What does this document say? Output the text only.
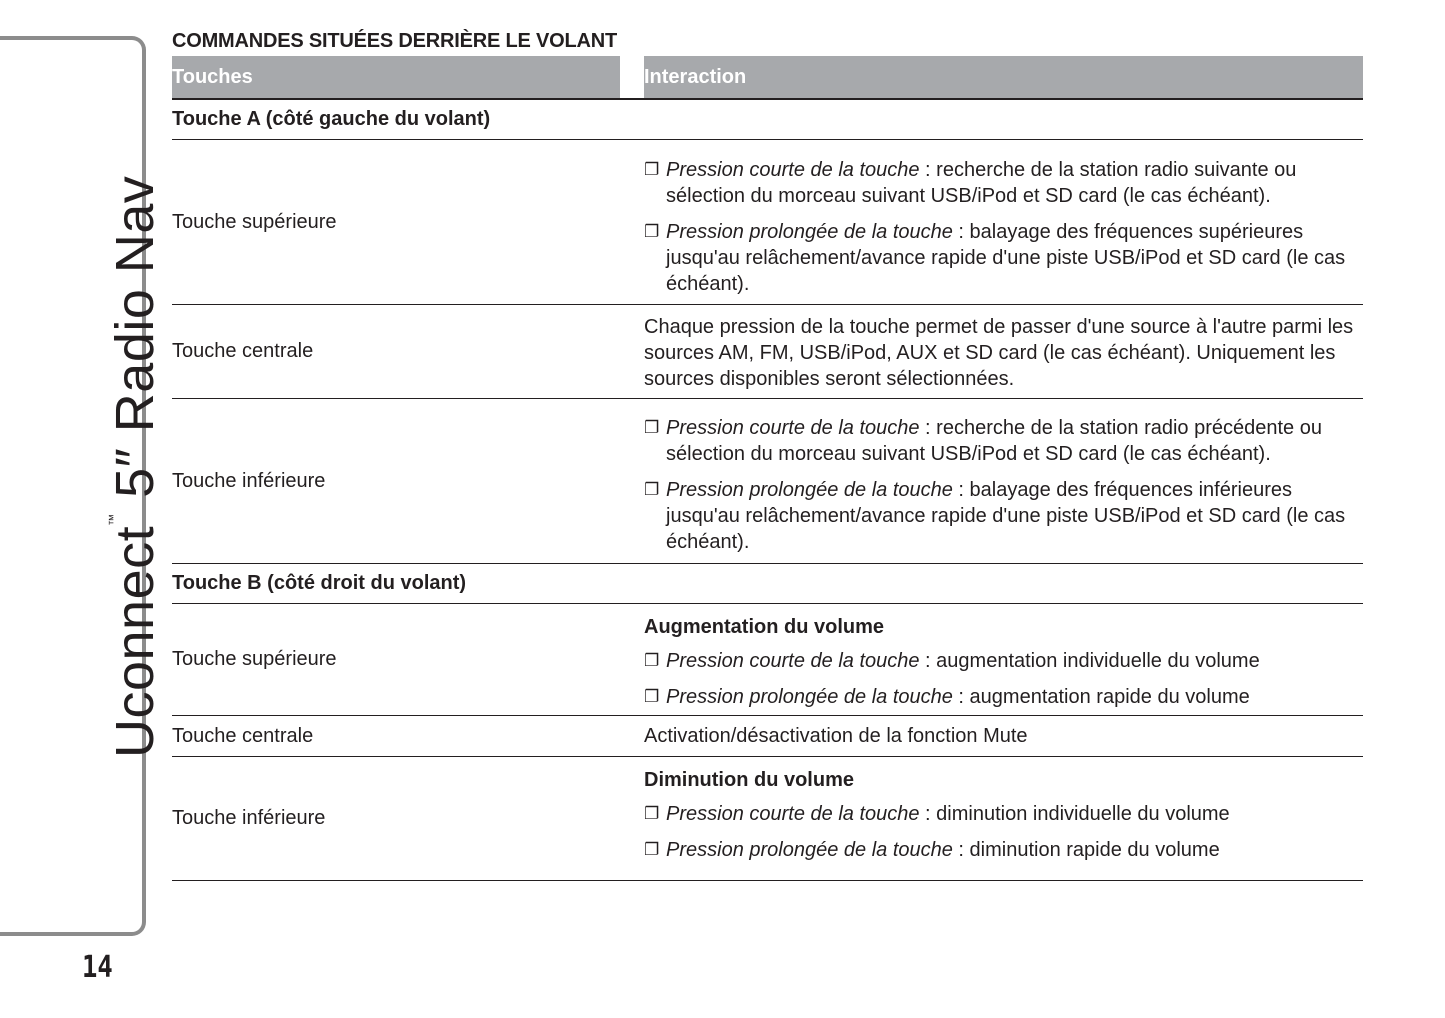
Uconnect™ 5″ Radio Nav
14
COMMANDES SITUÉES DERRIÈRE LE VOLANT
Touches	Interaction
Touche A (côté gauche du volant)
Touche supérieure
❐ Pression courte de la touche : recherche de la station radio suivante ou sélection du morceau suivant USB/iPod et SD card (le cas échéant).
❐ Pression prolongée de la touche : balayage des fréquences supérieures jusqu'au relâchement/avance rapide d'une piste USB/iPod et SD card (le cas échéant).
Touche centrale
Chaque pression de la touche permet de passer d'une source à l'autre parmi les sources AM, FM, USB/iPod, AUX et SD card (le cas échéant). Uniquement les sources disponibles seront sélectionnées.
Touche inférieure
❐ Pression courte de la touche : recherche de la station radio précédente ou sélection du morceau suivant USB/iPod et SD card (le cas échéant).
❐ Pression prolongée de la touche : balayage des fréquences inférieures jusqu'au relâchement/avance rapide d'une piste USB/iPod et SD card (le cas échéant).
Touche B (côté droit du volant)
Touche supérieure
Augmentation du volume
❐ Pression courte de la touche : augmentation individuelle du volume
❐ Pression prolongée de la touche : augmentation rapide du volume
Touche centrale	Activation/désactivation de la fonction Mute
Touche inférieure
Diminution du volume
❐ Pression courte de la touche : diminution individuelle du volume
❐ Pression prolongée de la touche : diminution rapide du volume
